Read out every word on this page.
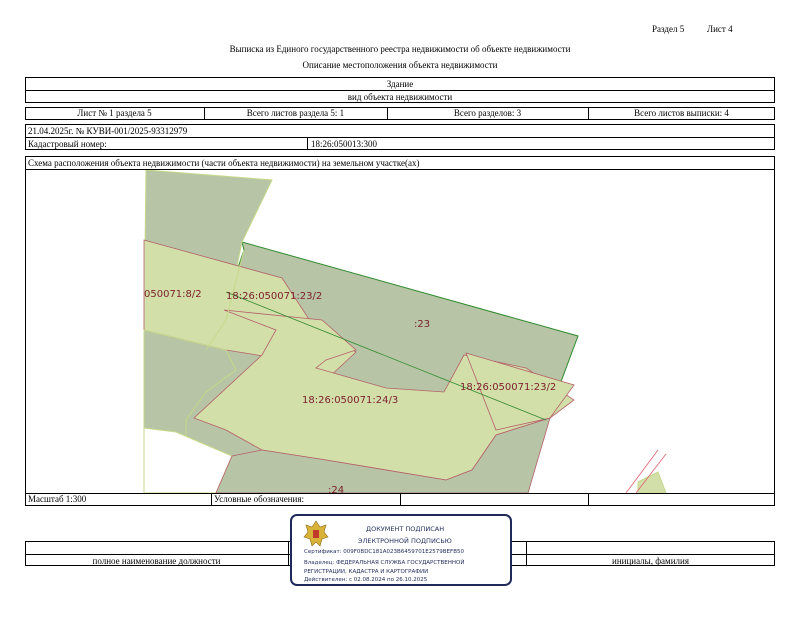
Раздел 5	Лист 4
Выписка из Единого государственного реестра недвижимости об объекте недвижимости
Описание местоположения объекта недвижимости
Здание
вид объекта недвижимости
Лист № 1 раздела 5	Всего листов раздела 5: 1	Всего разделов: 3	Всего листов выписки: 4
21.04.2025г. № КУВИ-001/2025-93312979
Кадастровый номер:	18:26:050013:300
Схема расположения объекта недвижимости (части объекта недвижимости) на земельном участке(ах)
050071:8/2 18:26:050071:23/2
:23
18:26:050071:23/2
18:26:050071:24/3
:24
Масштаб 1:300	Условные обозначения:
полное наименование должности	инициалы, фамилия
ДОКУМЕНТ ПОДПИСАН
ЭЛЕКТРОННОЙ ПОДПИСЬЮ
Сертификат: 009F0BDC181A023B6459701E2579BEFB50
Владелец: ФЕДЕРАЛЬНАЯ СЛУЖБА ГОСУДАРСТВЕННОЙ
РЕГИСТРАЦИИ, КАДАСТРА И КАРТОГРАФИИ
Действителен: с 02.08.2024 по 26.10.2025
